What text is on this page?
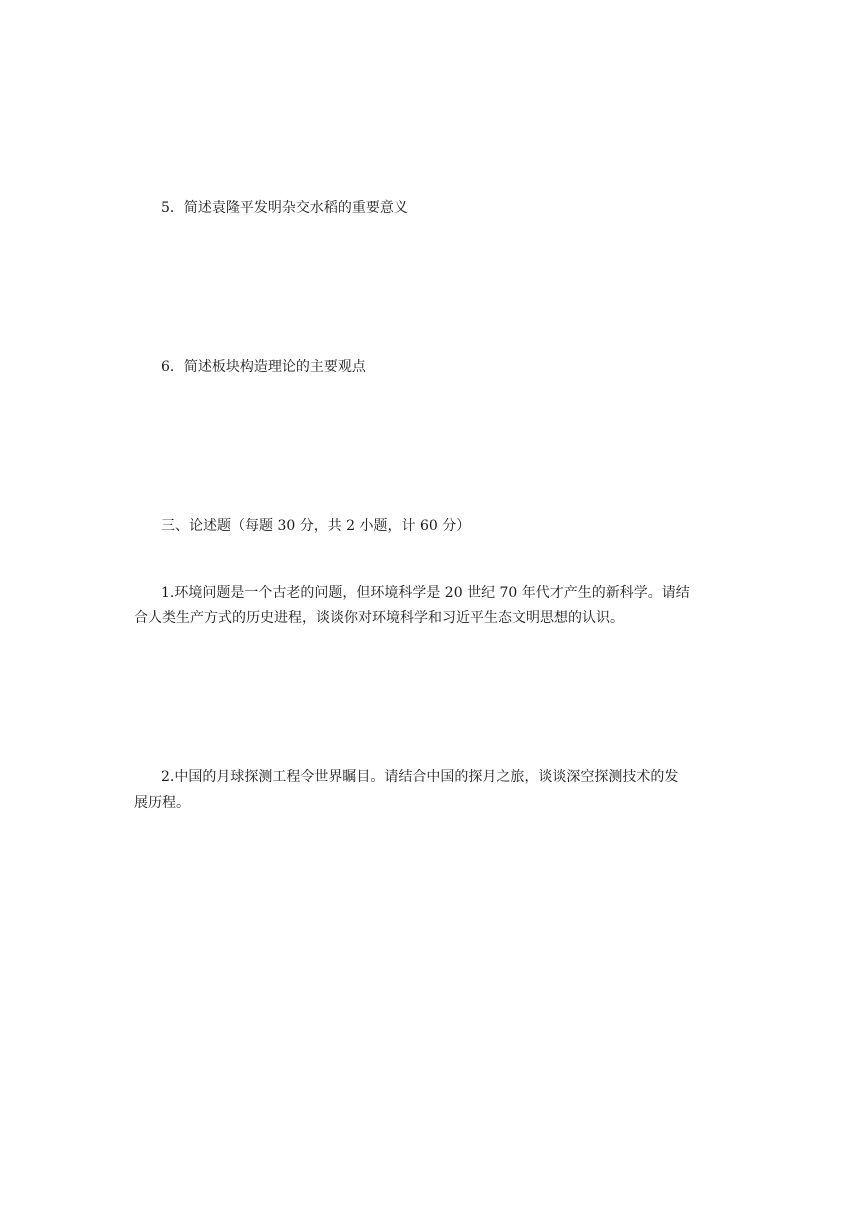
5．简述袁隆平发明杂交水稻的重要意义

6．简述板块构造理论的主要观点

三、论述题（每题 30 分，共 2 小题，计 60 分）

1.环境问题是一个古老的问题，但环境科学是 20 世纪 70 年代才产生的新科学。请结

合人类生产方式的历史进程，谈谈你对环境科学和习近平生态文明思想的认识。

2.中国的月球探测工程令世界瞩目。请结合中国的探月之旅，谈谈深空探测技术的发

展历程。
